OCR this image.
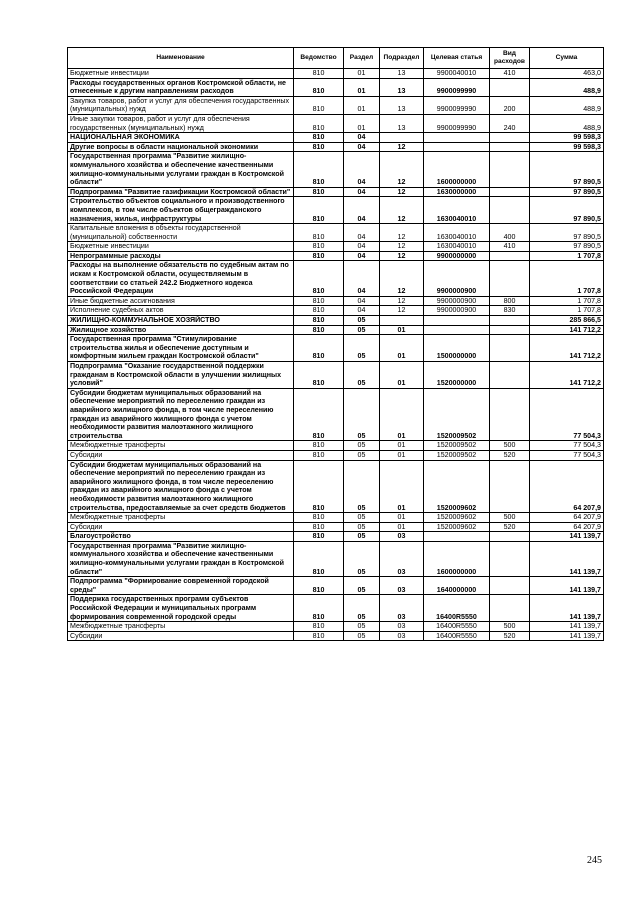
Наименование	Ведомство	Раздел	Подраздел	Целевая статья	Вид расходов	Сумма
Бюджетные инвестиции	810	01	13	9900040010	410	463,0
Расходы государственных органов Костромской области, не отнесенные к другим направлениям расходов	810	01	13	9900099990		488,9
Закупка товаров, работ и услуг для обеспечения государственных (муниципальных) нужд	810	01	13	9900099990	200	488,9
Иные закупки товаров, работ и услуг для обеспечения государственных (муниципальных) нужд	810	01	13	9900099990	240	488,9
НАЦИОНАЛЬНАЯ ЭКОНОМИКА	810	04				99 598,3
Другие вопросы в области национальной экономики	810	04	12			99 598,3
Государственная программа "Развитие жилищно-коммунального хозяйства и обеспечение качественными жилищно-коммунальными услугами граждан в Костромской области"	810	04	12	1600000000		97 890,5
Подпрограмма "Развитие газификации Костромской области"	810	04	12	1630000000		97 890,5
Строительство объектов социального и производственного комплексов, в том числе объектов общегражданского назначения, жилья, инфраструктуры	810	04	12	1630040010		97 890,5
Капитальные вложения в объекты государственной (муниципальной) собственности	810	04	12	1630040010	400	97 890,5
Бюджетные инвестиции	810	04	12	1630040010	410	97 890,5
Непрограммные расходы	810	04	12	9900000000		1 707,8
Расходы на выполнение обязательств по судебным актам по искам к Костромской области, осуществляемым в соответствии со статьей 242.2 Бюджетного кодекса Российской Федерации	810	04	12	9900000900		1 707,8
Иные бюджетные ассигнования	810	04	12	9900000900	800	1 707,8
Исполнение судебных актов	810	04	12	9900000900	830	1 707,8
ЖИЛИЩНО-КОММУНАЛЬНОЕ ХОЗЯЙСТВО	810	05				285 866,5
Жилищное хозяйство	810	05	01			141 712,2
Государственная программа "Стимулирование строительства жилья и обеспечение доступным и комфортным жильем граждан Костромской области"	810	05	01	1500000000		141 712,2
Подпрограмма "Оказание государственной поддержки гражданам в Костромской области в улучшении жилищных условий"	810	05	01	1520000000		141 712,2
Субсидии бюджетам муниципальных образований на обеспечение мероприятий по переселению граждан из аварийного жилищного фонда, в том числе переселению граждан из аварийного жилищного фонда с учетом необходимости развития малоэтажного жилищного строительства	810	05	01	1520009502		77 504,3
Межбюджетные трансферты	810	05	01	1520009502	500	77 504,3
Субсидии	810	05	01	1520009502	520	77 504,3
Субсидии бюджетам муниципальных образований на обеспечение мероприятий по переселению граждан из аварийного жилищного фонда, в том числе переселению граждан из аварийного жилищного фонда с учетом необходимости развития малоэтажного жилищного строительства, предоставляемые за счет средств бюджетов	810	05	01	1520009602		64 207,9
Межбюджетные трансферты	810	05	01	1520009602	500	64 207,9
Субсидии	810	05	01	1520009602	520	64 207,9
Благоустройство	810	05	03			141 139,7
Государственная программа "Развитие жилищно-коммунального хозяйства и обеспечение качественными жилищно-коммунальными услугами граждан в Костромской области"	810	05	03	1600000000		141 139,7
Подпрограмма "Формирование современной городской среды"	810	05	03	1640000000		141 139,7
Поддержка государственных программ субъектов Российской Федерации и муниципальных программ формирования современной городской среды	810	05	03	16400R5550		141 139,7
Межбюджетные трансферты	810	05	03	16400R5550	500	141 139,7
Субсидии	810	05	03	16400R5550	520	141 139,7
245
